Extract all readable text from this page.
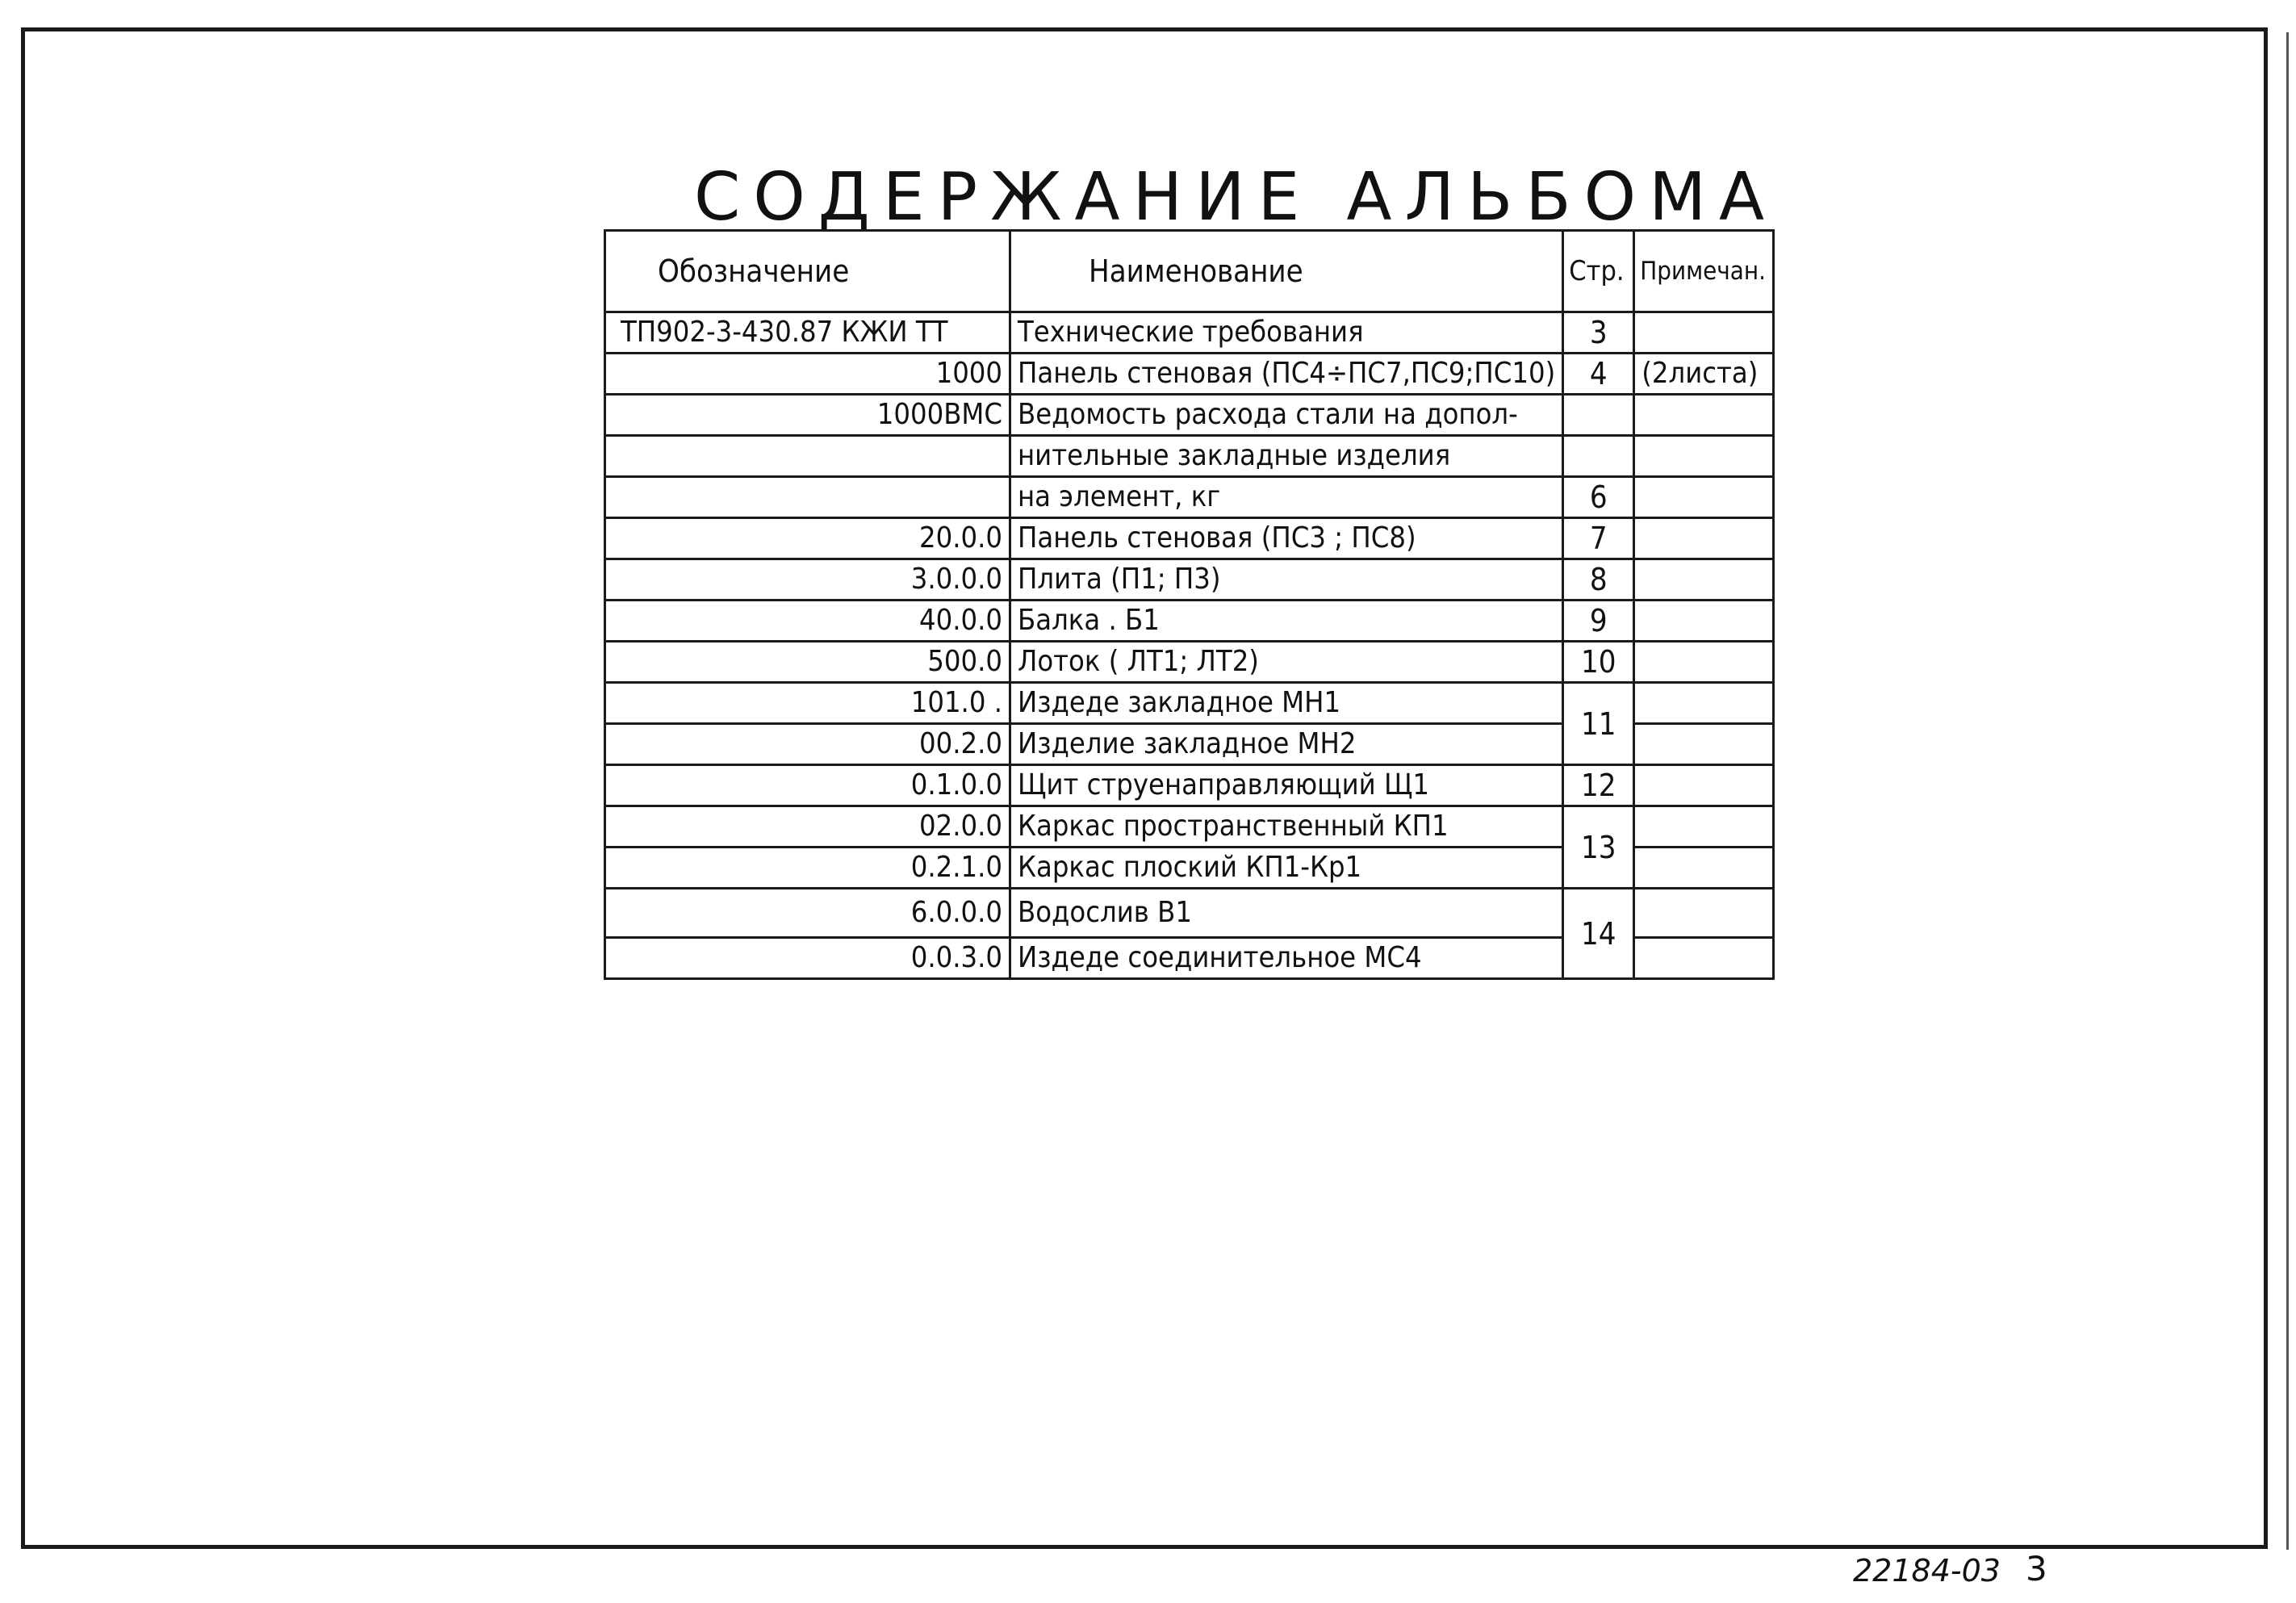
СОДЕРЖАНИЕ АЛЬБОМА
Обозначение	Наименование	Стр.	Примечан.
ТП902-3-430.87 КЖИ ТТ	Технические требования	3	
1000	Панель стеновая (ПС4÷ПС7,ПС9;ПС10)	4	(2листа)
1000ВМС	Ведомость расхода стали на допол-		
	нительные закладные изделия		
	на элемент, кг	6	
20.0.0	Панель стеновая (ПС3 ; ПС8)	7	
3.0.0.0	Плита (П1; П3)	8	
40.0.0	Балка . Б1	9	
500.0	Лоток ( ЛТ1; ЛТ2)	10	
101.0 .	Издеде закладное МН1	11	
00.2.0	Изделие закладное МН2		
0.1.0.0	Щит струенаправляющий Щ1	12	
02.0.0	Каркас пространственный КП1	13	
0.2.1.0	Каркас плоский КП1-Кр1		
6.0.0.0	Водослив В1	14	
0.0.3.0	Издеде соединительное МС4		
22184-03 3
